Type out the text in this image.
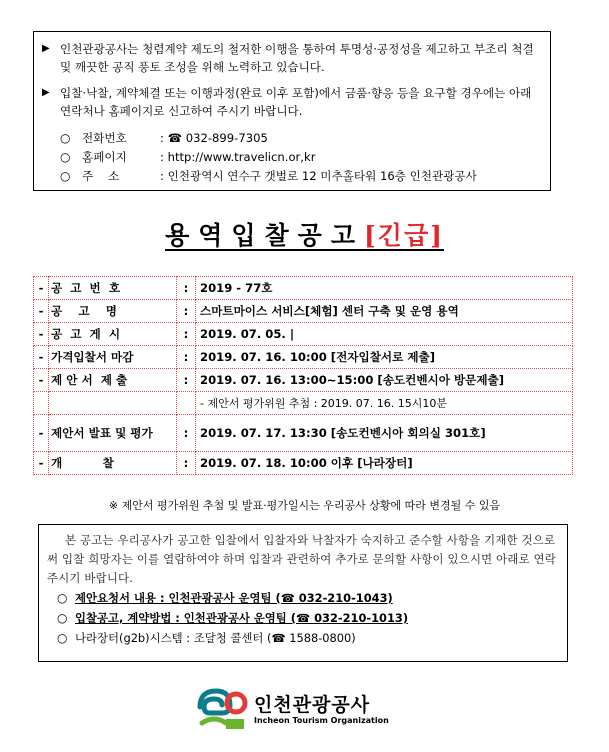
▶ 인천관광공사는 청렴계약 제도의 철저한 이행을 통하여 투명성·공정성을 제고하고 부조리 척결 및 깨끗한 공직 풍토 조성을 위해 노력하고 있습니다.
▶ 입찰·낙찰, 계약체결 또는 이행과정(완료 이후 포함)에서 금품·향응 등을 요구할 경우에는 아래 연락처나 홈페이지로 신고하여 주시기 바랍니다.
○ 전화번호	: ☎ 032-899-7305
○ 홈페이지	: http://www.travelicn.or,kr
○ 주    소	: 인천광역시 연수구 갯벌로 12 미추홀타워 16층 인천관광공사
용역입찰공고[긴급]
-	공  고  번  호	:	2019 - 77호
-	공    고    명	:	스마트마이스 서비스[체험] 센터 구축 및 운영 용역
-	공  고  게  시	:	2019. 07. 05. |
-	가격입찰서 마감	:	2019. 07. 16. 10:00 [전자입찰서로 제출]
-	제 안 서  제 출	:	2019. 07. 16. 13:00~15:00 [송도컨벤시아 방문제출]
			- 제안서 평가위원 추첨 : 2019. 07. 16. 15시10분
-	제안서 발표 및 평가	:	2019. 07. 17. 13:30 [송도컨벤시아 회의실 301호]
-	개          찰	:	2019. 07. 18. 10:00 이후 [나라장터]
※ 제안서 평가위원 추첨 및 발표·평가일시는 우리공사 상황에 따라 변경될 수 있음
본 공고는 우리공사가 공고한 입찰에서 입찰자와 낙찰자가 숙지하고 준수할 사항을 기재한 것으로써 입찰 희망자는 이를 열람하여야 하며 입찰과 관련하여 추가로 문의할 사항이 있으시면 아래로 연락주시기 바랍니다.
○ 제안요청서 내용 : 인천관광공사 운영팀 (☎ 032-210-1043)
○ 입찰공고, 계약방법 : 인천관광공사 운영팀 (☎ 032-210-1013)
○ 나라장터(g2b)시스템 : 조달청 콜센터 (☎ 1588-0800)
인천관광공사
Incheon Tourism Organization
